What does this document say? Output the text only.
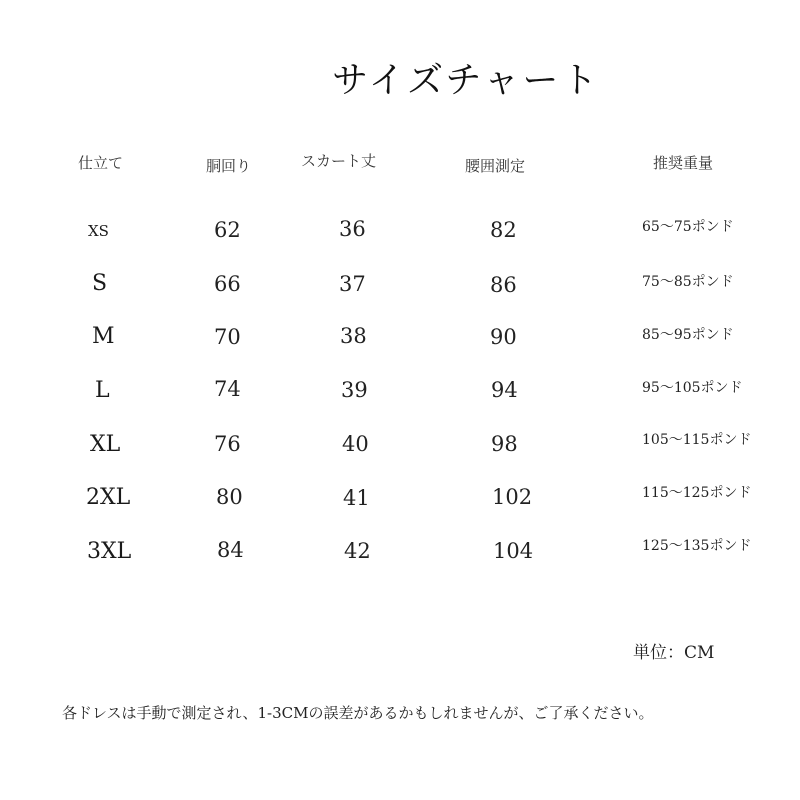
サイズチャート
仕立て	胴回り	スカート丈	腰囲測定	推奨重量
XS	62	36	82	65〜75ポンド
S	66	37	86	75〜85ポンド
M	70	38	90	85〜95ポンド
L	74	39	94	95〜105ポンド
XL	76	40	98	105〜115ポンド
2XL	80	41	102	115〜125ポンド
3XL	84	42	104	125〜135ポンド
単位：CM
各ドレスは手動で測定され、1-3CMの誤差があるかもしれませんが、ご了承ください。
